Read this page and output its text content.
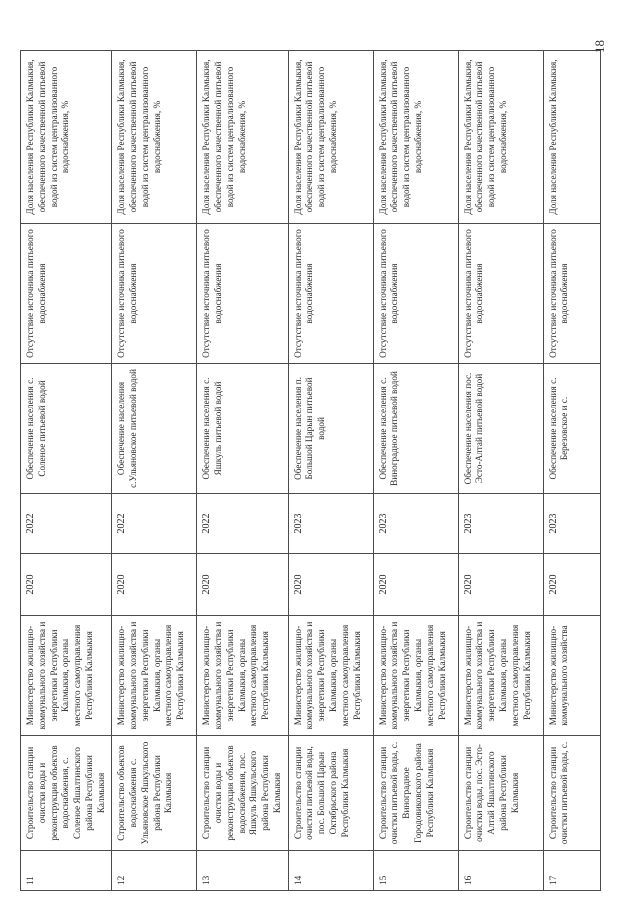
11	Строительство станции очистки воды и реконструкция объектов водоснабжения, с. Соленое Яшалтинского района Республики Калмыкия	Министерство жилищно-коммунального хозяйства и энергетики Республики Калмыкия, органы местного самоуправления Республики Калмыкия	2020	2022	Обеспечение населения с. Соленое питьевой водой	Отсутствие источника питьевого водоснабжения	Доля населения Республики Калмыкия, обеспеченного качественной питьевой водой из систем централизованного водоснабжения, %
12	Строительство объектов водоснабжения с. Ульяновское Яшкульского района Республики Калмыкия	Министерство жилищно-коммунального хозяйства и энергетики Республики Калмыкия, органы местного самоуправления Республики Калмыкия	2020	2022	Обеспечение населения с.Ульяновское питьевой водой	Отсутствие источника питьевого водоснабжения	Доля населения Республики Калмыкия, обеспеченного качественной питьевой водой из систем централизованного водоснабжения, %
13	Строительство станции очистки воды и реконструкция объектов водоснабжения, пос. Яшкуль Яшкульского района Республики Калмыкия	Министерство жилищно-коммунального хозяйства и энергетики Республики Калмыкия, органы местного самоуправления Республики Калмыкия	2020	2022	Обеспечение населения с. Яшкуль питьевой водой	Отсутствие источника питьевого водоснабжения	Доля населения Республики Калмыкия, обеспеченного качественной питьевой водой из систем централизованного водоснабжения, %
14	Строительство станции очистки питьевой воды, пос. Большой Царын Октябрьского района Республики Калмыкия	Министерство жилищно-коммунального хозяйства и энергетики Республики Калмыкия, органы местного самоуправления Республики Калмыкия	2020	2023	Обеспечение населения п. Большой Царын питьевой водой	Отсутствие источника питьевого водоснабжения	Доля населения Республики Калмыкия, обеспеченного качественной питьевой водой из систем централизованного водоснабжения, %
15	Строительство станции очистки питьевой воды, с. Виноградное Городовиковского района Республики Калмыкия	Министерство жилищно-коммунального хозяйства и энергетики Республики Калмыкия, органы местного самоуправления Республики Калмыкия	2020	2023	Обеспечение населения с. Виноградное питьевой водой	Отсутствие источника питьевого водоснабжения	Доля населения Республики Калмыкия, обеспеченного качественной питьевой водой из систем централизованного водоснабжения, %
16	Строительство станции очистки воды, пос. Эсто-Алтай Яшалтинского района Республики Калмыкия	Министерство жилищно-коммунального хозяйства и энергетики Республики Калмыкия, органы местного самоуправления Республики Калмыкия	2020	2023	Обеспечение населения пос. Эсто-Алтай питьевой водой	Отсутствие источника питьевого водоснабжения	Доля населения Республики Калмыкия, обеспеченного качественной питьевой водой из систем централизованного водоснабжения, %
17	Строительство станции очистки питьевой воды, с.	Министерство жилищно-коммунального хозяйства	2020	2023	Обеспечение населения с. Березовское и с.	Отсутствие источника питьевого водоснабжения	Доля населения Республики Калмыкия,
18
